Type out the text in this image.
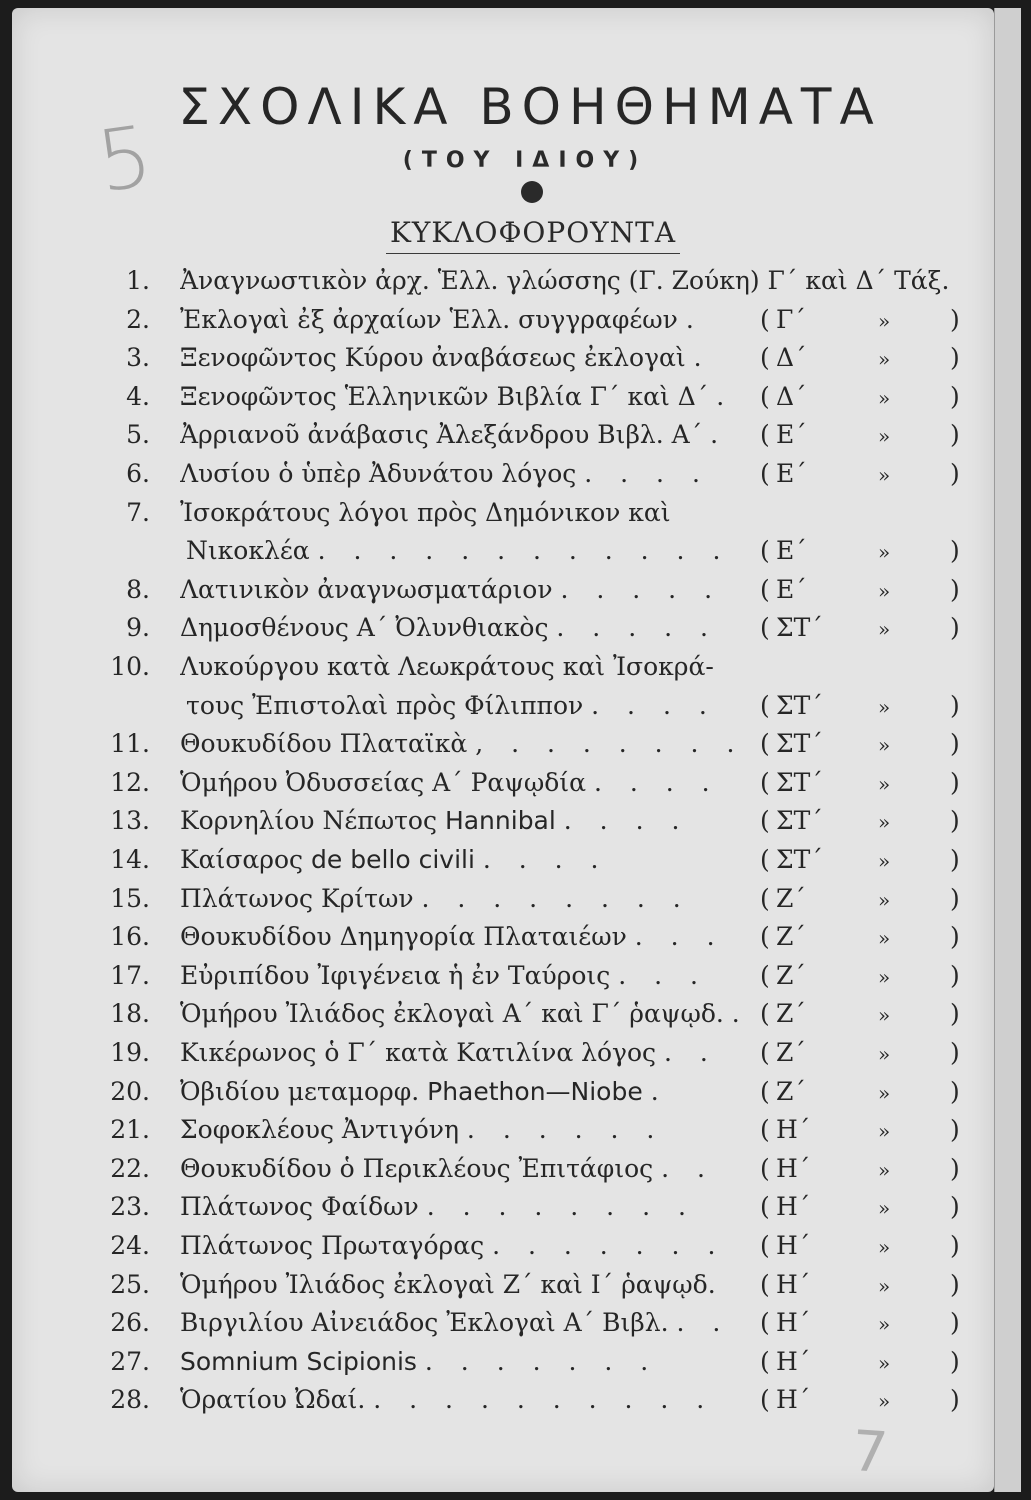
5
7
ΣΧΟΛΙΚΑ ΒΟΗΘΗΜΑΤΑ
(ΤΟΥ ΙΔΙΟΥ)
ΚΥΚΛΟΦΟΡΟΥΝΤΑ
1. Ἀναγνωστικὸν ἀρχ. Ἑλλ. γλώσσης (Γ. Ζούκη) Γ΄ καὶ Δ΄ Τάξ.
2. Ἐκλογαὶ ἐξ ἀρχαίων Ἑλλ. συγγραφέων . ( Γ΄	» )
3. Ξενοφῶντος Κύρου ἀναβάσεως ἐκλογαὶ . ( Δ΄	» )
4. Ξενοφῶντος Ἑλληνικῶν Βιβλία Γ΄ καὶ Δ΄ . ( Δ΄	» )
5. Ἀρριανοῦ ἀνάβασις Ἀλεξάνδρου Βιβλ. Α΄ . ( Ε΄	» )
6. Λυσίου ὁ ὑπὲρ Ἀδυνάτου λόγος . . . . ( Ε΄	» )
7. Ἰσοκράτους λόγοι πρὸς Δημόνικον καὶ
Νικοκλέα . . . . . . . . . . . . ( Ε΄	» )
8. Λατινικὸν ἀναγνωσματάριον . . . . . ( Ε΄	» )
9. Δημοσθένους Α΄ Ὀλυνθιακὸς . . . . . ( ΣΤ΄	» )
10. Λυκούργου κατὰ Λεωκράτους καὶ Ἰσοκρά-
τους Ἐπιστολαὶ πρὸς Φίλιππον . . . . ( ΣΤ΄	» )
11. Θουκυδίδου Πλαταϊκὰ , . . . . . . . ( ΣΤ΄	» )
12. Ὁμήρου Ὀδυσσείας Α΄ Ραψῳδία . . . . ( ΣΤ΄	» )
13. Κορνηλίου Νέπωτος Hannibal . . . .	( ΣΤ΄	» )
14. Καίσαρος de bello civili . . . .	( ΣΤ΄	» )
15. Πλάτωνος Κρίτων . . . . . . . .	( Ζ΄	» )
16. Θουκυδίδου Δημηγορία Πλαταιέων . . . ( Ζ΄	» )
17. Εὐριπίδου Ἰφιγένεια ἡ ἐν Ταύροις . . . ( Ζ΄	» )
18. Ὁμήρου Ἰλιάδος ἐκλογαὶ Α΄ καὶ Γ΄ ῥαψῳδ. . ( Ζ΄	» )
19. Κικέρωνος ὁ Γ΄ κατὰ Κατιλίνα λόγος . . ( Ζ΄	» )
20. Ὀβιδίου μεταμορφ. Phaethon—Niobe .	( Ζ΄	» )
21. Σοφοκλέους Ἀντιγόνη . . . . . .	( Η΄	» )
22. Θουκυδίδου ὁ Περικλέους Ἐπιτάφιος . . ( Η΄	» )
23. Πλάτωνος Φαίδων . . . . . . . .	( Η΄	» )
24. Πλάτωνος Πρωταγόρας . . . . . . . ( Η΄	» )
25. Ὁμήρου Ἰλιάδος ἐκλογαὶ Ζ΄ καὶ Ι΄ ῥαψῳδ. ( Η΄	» )
26. Βιργιλίου Αἰνειάδος Ἐκλογαὶ Α΄ Βιβλ. . . ( Η΄	» )
27. Somnium Scipionis . . . . . . .	( Η΄	» )
28. Ὁρατίου Ὠδαί. . . . . . . . . . . ( Η΄	» )
